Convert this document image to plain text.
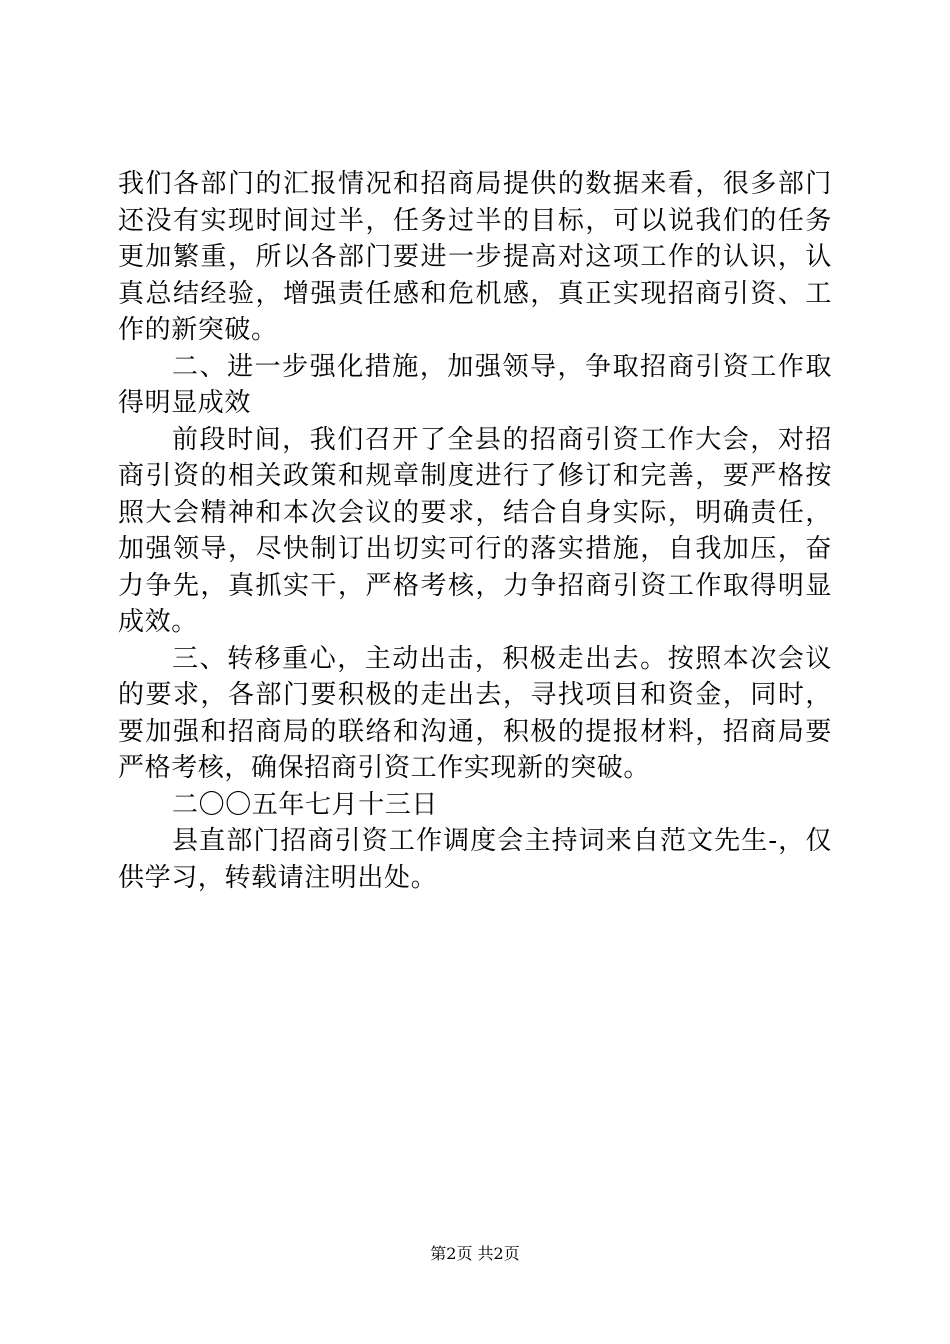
我们各部门的汇报情况和招商局提供的数据来看，很多部门还没有实现时间过半，任务过半的目标，可以说我们的任务更加繁重，所以各部门要进一步提高对这项工作的认识，认真总结经验，增强责任感和危机感，真正实现招商引资、工作的新突破。

二、进一步强化措施，加强领导，争取招商引资工作取得明显成效

前段时间，我们召开了全县的招商引资工作大会，对招商引资的相关政策和规章制度进行了修订和完善，要严格按照大会精神和本次会议的要求，结合自身实际，明确责任，加强领导，尽快制订出切实可行的落实措施，自我加压，奋力争先，真抓实干，严格考核，力争招商引资工作取得明显成效。

三、转移重心，主动出击，积极走出去。按照本次会议的要求，各部门要积极的走出去，寻找项目和资金，同时，要加强和招商局的联络和沟通，积极的提报材料，招商局要严格考核，确保招商引资工作实现新的突破。

二〇〇五年七月十三日

县直部门招商引资工作调度会主持词来自范文先生-，仅供学习，转载请注明出处。

第2页 共2页
